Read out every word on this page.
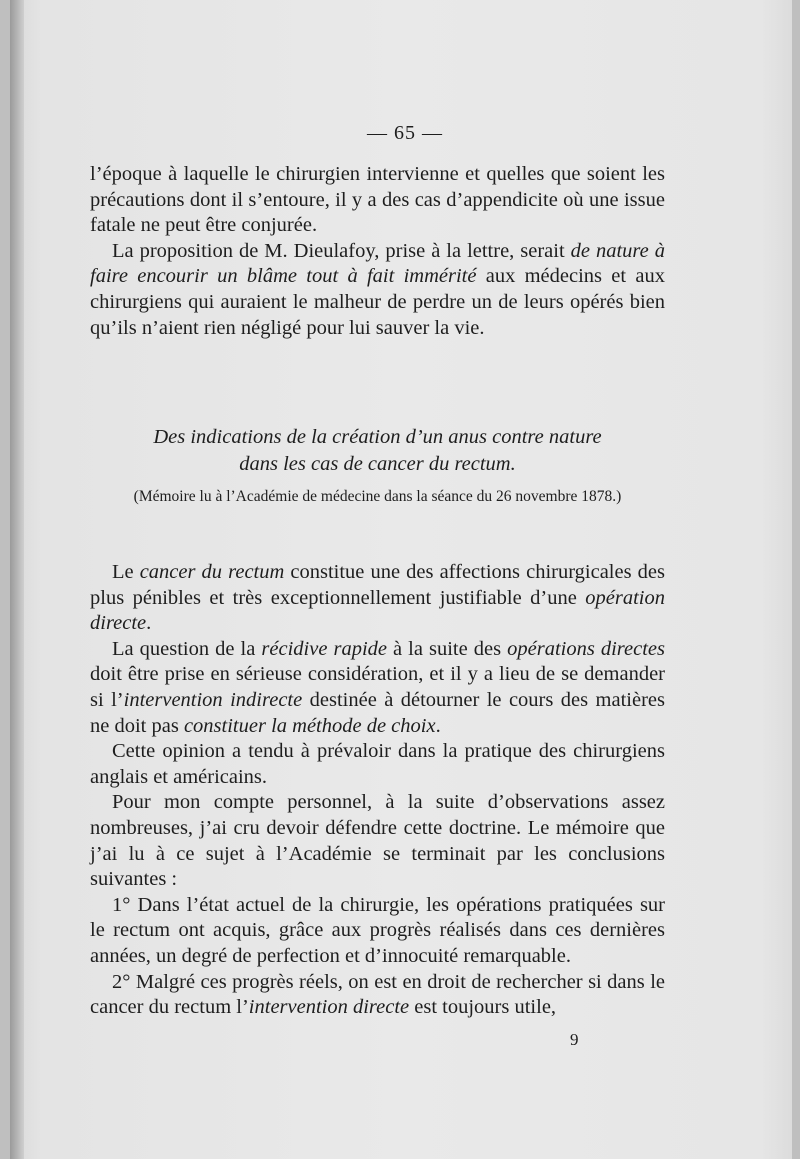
— 65 —

l’époque à laquelle le chirurgien intervienne et quelles que soient les précautions dont il s’entoure, il y a des cas d’appendicite où une issue fatale ne peut être conjurée.

La proposition de M. Dieulafoy, prise à la lettre, serait de nature à faire encourir un blâme tout à fait immérité aux médecins et aux chirurgiens qui auraient le malheur de perdre un de leurs opérés bien qu’ils n’aient rien négligé pour lui sauver la vie.

Des indications de la création d’un anus contre nature
dans les cas de cancer du rectum.
(Mémoire lu à l’Académie de médecine dans la séance du 26 novembre 1878.)

Le cancer du rectum constitue une des affections chirurgicales des plus pénibles et très exceptionnellement justifiable d’une opération directe.

La question de la récidive rapide à la suite des opérations directes doit être prise en sérieuse considération, et il y a lieu de se demander si l’intervention indirecte destinée à détourner le cours des matières ne doit pas constituer la méthode de choix.

Cette opinion a tendu à prévaloir dans la pratique des chirurgiens anglais et américains.

Pour mon compte personnel, à la suite d’observations assez nombreuses, j’ai cru devoir défendre cette doctrine. Le mémoire que j’ai lu à ce sujet à l’Académie se terminait par les conclusions suivantes :

1° Dans l’état actuel de la chirurgie, les opérations pratiquées sur le rectum ont acquis, grâce aux progrès réalisés dans ces dernières années, un degré de perfection et d’innocuité remarquable.

2° Malgré ces progrès réels, on est en droit de rechercher si dans le cancer du rectum l’intervention directe est toujours utile,

9
